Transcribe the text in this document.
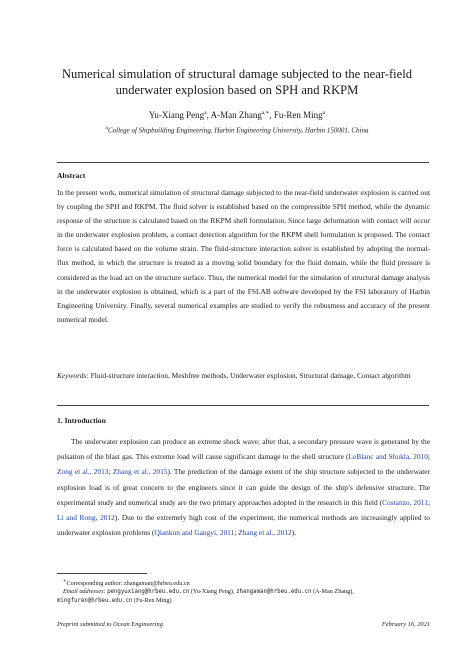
Numerical simulation of structural damage subjected to the near-field underwater explosion based on SPH and RKPM
Yu-Xiang Peng$^a$, A-Man Zhang$^{a,∗}$, Fu-Ren Ming$^a$
$^a$College of Shipbuilding Engineering, Harbin Engineering University, Harbin 150001, China
Abstract
In the present work, numerical simulation of structural damage subjected to the near-field underwater explosion is carried out by coupling the SPH and RKPM. The fluid solver is established based on the compressible SPH method, while the dynamic response of the structure is calculated based on the RKPM shell formulation. Since large deformation with contact will occur in the underwater explosion problem, a contact detection algorithm for the RKPM shell formulation is proposed. The contact force is calculated based on the volume strain. The fluid-structure interaction solver is established by adopting the normal-flux method, in which the structure is treated as a moving solid boundary for the fluid domain, while the fluid pressure is considered as the load act on the structure surface. Thus, the numerical model for the simulation of structural damage analysis in the underwater explosion is obtained, which is a part of the FSLAB software developed by the FSI laboratory of Harbin Engineering University. Finally, several numerical examples are studied to verify the robustness and accuracy of the present numerical model.
Keywords: Fluid-structure interaction, Meshfree methods, Underwater explosion, Structural damage, Contact algorithm
1. Introduction
The underwater explosion can produce an extreme shock wave; after that, a secondary pressure wave is generated by the pulsation of the blast gas. This extreme load will cause significant damage to the shell structure (LeBlanc and Shukla, 2010; Zong et al., 2013; Zhang et al., 2015). The prediction of the damage extent of the ship structure subjected to the underwater explosion load is of great concern to the engineers since it can guide the design of the ship’s defensive structure. The experimental study and numerical study are the two primary approaches adopted in the research in this field (Costanzo, 2011; Li and Rong, 2012). Due to the extremely high cost of the experiment, the numerical methods are increasingly applied to underwater explosion problems (Qiankun and Gangyi, 2011; Zhang et al., 2012).
∗Corresponding author: zhangaman@hrbeu.edu.cn
Email addresses: pengyuxiang@hrbeu.edu.cn (Yu-Xiang Peng), zhangaman@hrbeu.edu.cn (A-Man Zhang),
mingfuren@hrbeu.edu.cn (Fu-Ren Ming)
Preprint submitted to Ocean Engineering	February 16, 2021
